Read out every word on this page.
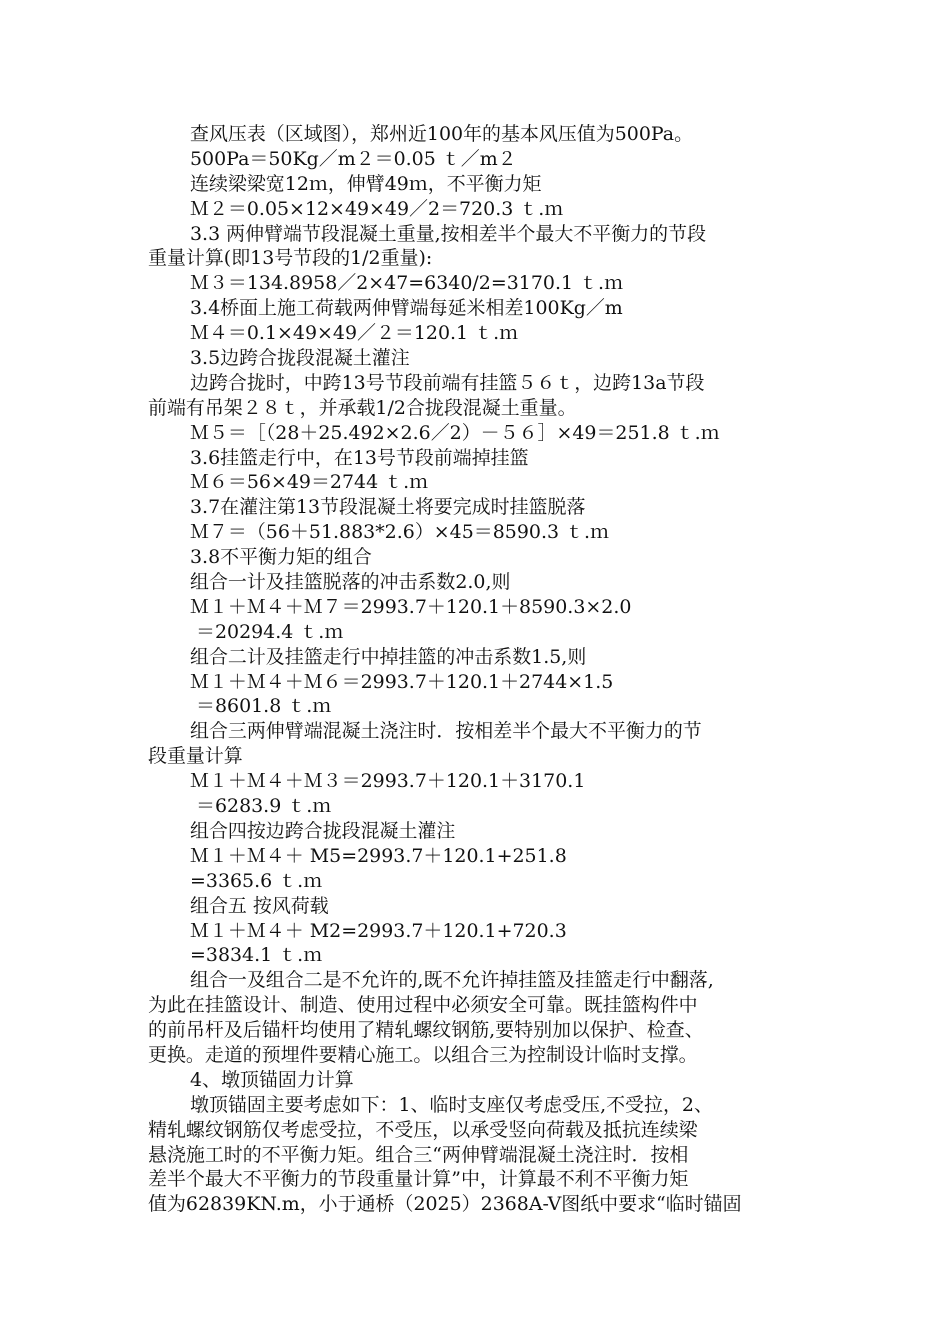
查风压表（区域图），郑州近100年的基本风压值为500Pa。
500Pa＝50Kg／m２＝0.05 ｔ／m２
连续梁梁宽12ｍ，伸臂49ｍ，不平衡力矩
Ｍ２＝0.05×12×49×49／2＝720.3 ｔ.ｍ
3.3 两伸臂端节段混凝土重量,按相差半个最大不平衡力的节段
重量计算(即13号节段的1/2重量):
Ｍ３＝134.8958／2×47=6340/2=3170.1 ｔ.ｍ
3.4桥面上施工荷载两伸臂端每延米相差100Kg／m
Ｍ４＝0.1×49×49／２＝120.1 ｔ.ｍ
3.5边跨合拢段混凝土灌注
边跨合拢时，中跨13号节段前端有挂篮５６ｔ，边跨13a节段
前端有吊架２８ｔ，并承载1/2合拢段混凝土重量。
Ｍ５＝［（28＋25.492×2.6／2）－５６］×49＝251.8 ｔ.ｍ
3.6挂篮走行中，在13号节段前端掉挂篮
Ｍ６＝56×49＝2744 ｔ.ｍ
3.7在灌注第13节段混凝土将要完成时挂篮脱落
Ｍ７＝（56＋51.883*2.6）×45＝8590.3 ｔ.ｍ
3.8不平衡力矩的组合
组合一计及挂篮脱落的冲击系数2.0,则
Ｍ１＋Ｍ４＋Ｍ７＝2993.7＋120.1＋8590.3×2.0
＝20294.4 ｔ.ｍ
组合二计及挂篮走行中掉挂篮的冲击系数1.5,则
Ｍ１＋Ｍ４＋Ｍ６＝2993.7＋120.1＋2744×1.5
＝8601.8 ｔ.ｍ
组合三两伸臂端混凝土浇注时．按相差半个最大不平衡力的节
段重量计算
Ｍ１＋Ｍ４＋Ｍ３＝2993.7＋120.1＋3170.1
＝6283.9 ｔ.ｍ
组合四按边跨合拢段混凝土灌注
Ｍ１＋Ｍ４＋ M5=2993.7＋120.1+251.8
=3365.6 ｔ.ｍ
组合五 按风荷载
Ｍ１＋Ｍ４＋ M2=2993.7＋120.1+720.3
=3834.1 ｔ.ｍ
组合一及组合二是不允许的,既不允许掉挂篮及挂篮走行中翻落,
为此在挂篮设计、制造、使用过程中必须安全可靠。既挂篮构件中
的前吊杆及后锚杆均使用了精轧螺纹钢筋,要特别加以保护、检查、
更换。走道的预埋件要精心施工。以组合三为控制设计临时支撑。
4、墩顶锚固力计算
墩顶锚固主要考虑如下：1、临时支座仅考虑受压,不受拉，2、
精轧螺纹钢筋仅考虑受拉，不受压，以承受竖向荷载及抵抗连续梁
悬浇施工时的不平衡力矩。组合三“两伸臂端混凝土浇注时．按相
差半个最大不平衡力的节段重量计算”中，计算最不利不平衡力矩
值为62839KN.m，小于通桥（2025）2368A-V图纸中要求“临时锚固
